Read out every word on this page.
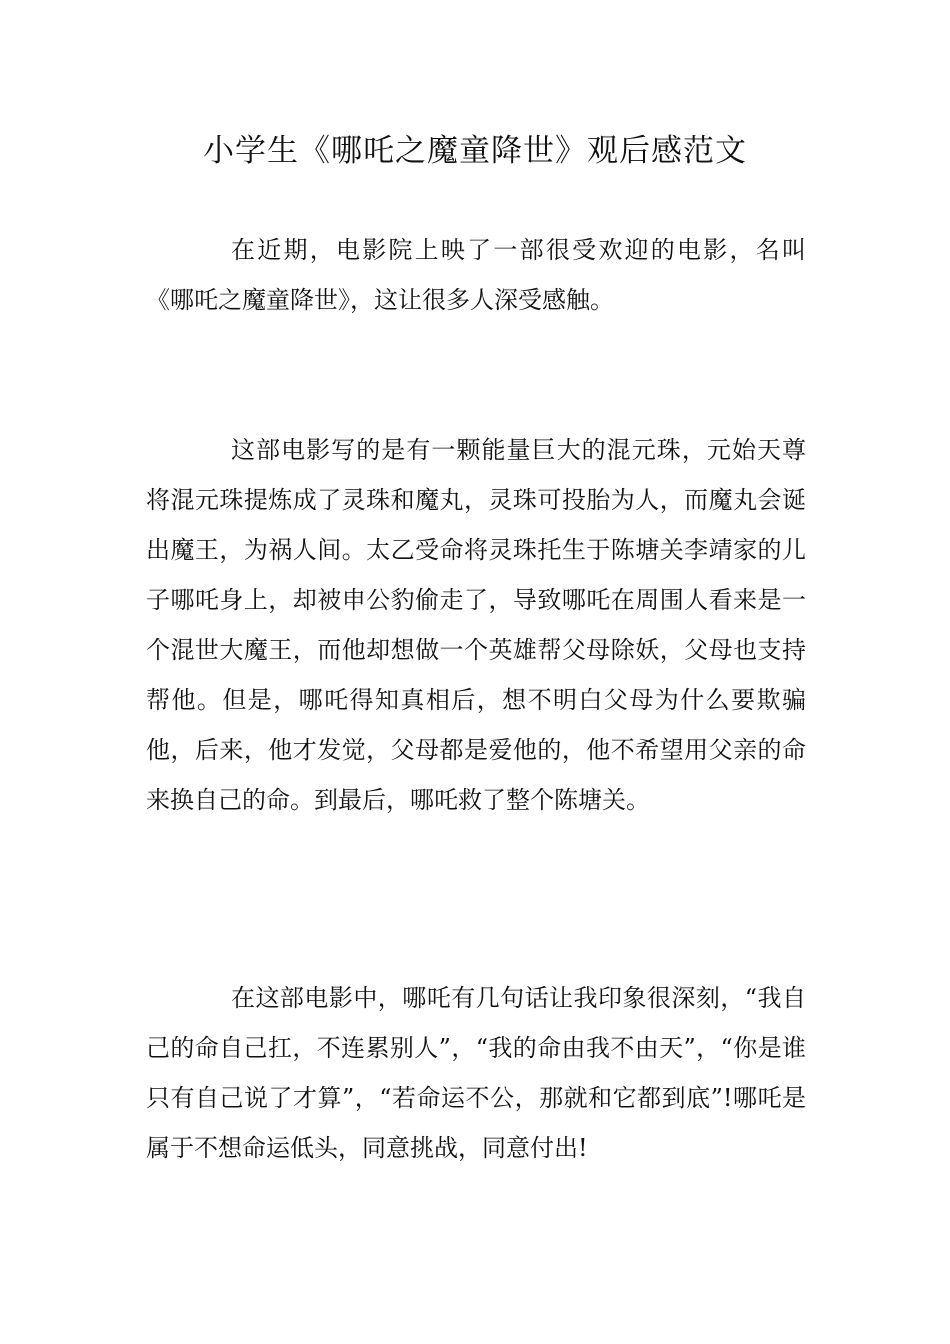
小学生《哪吒之魔童降世》观后感范文

在近期，电影院上映了一部很受欢迎的电影，名叫《哪吒之魔童降世》，这让很多人深受感触。

这部电影写的是有一颗能量巨大的混元珠，元始天尊将混元珠提炼成了灵珠和魔丸，灵珠可投胎为人，而魔丸会诞出魔王，为祸人间。太乙受命将灵珠托生于陈塘关李靖家的儿子哪吒身上，却被申公豹偷走了，导致哪吒在周围人看来是一个混世大魔王，而他却想做一个英雄帮父母除妖，父母也支持帮他。但是，哪吒得知真相后，想不明白父母为什么要欺骗他，后来，他才发觉，父母都是爱他的，他不希望用父亲的命来换自己的命。到最后，哪吒救了整个陈塘关。

在这部电影中，哪吒有几句话让我印象很深刻，“我自己的命自己扛，不连累别人”，“我的命由我不由天”，“你是谁只有自己说了才算”，“若命运不公，那就和它都到底”!哪吒是属于不想命运低头，同意挑战，同意付出!
